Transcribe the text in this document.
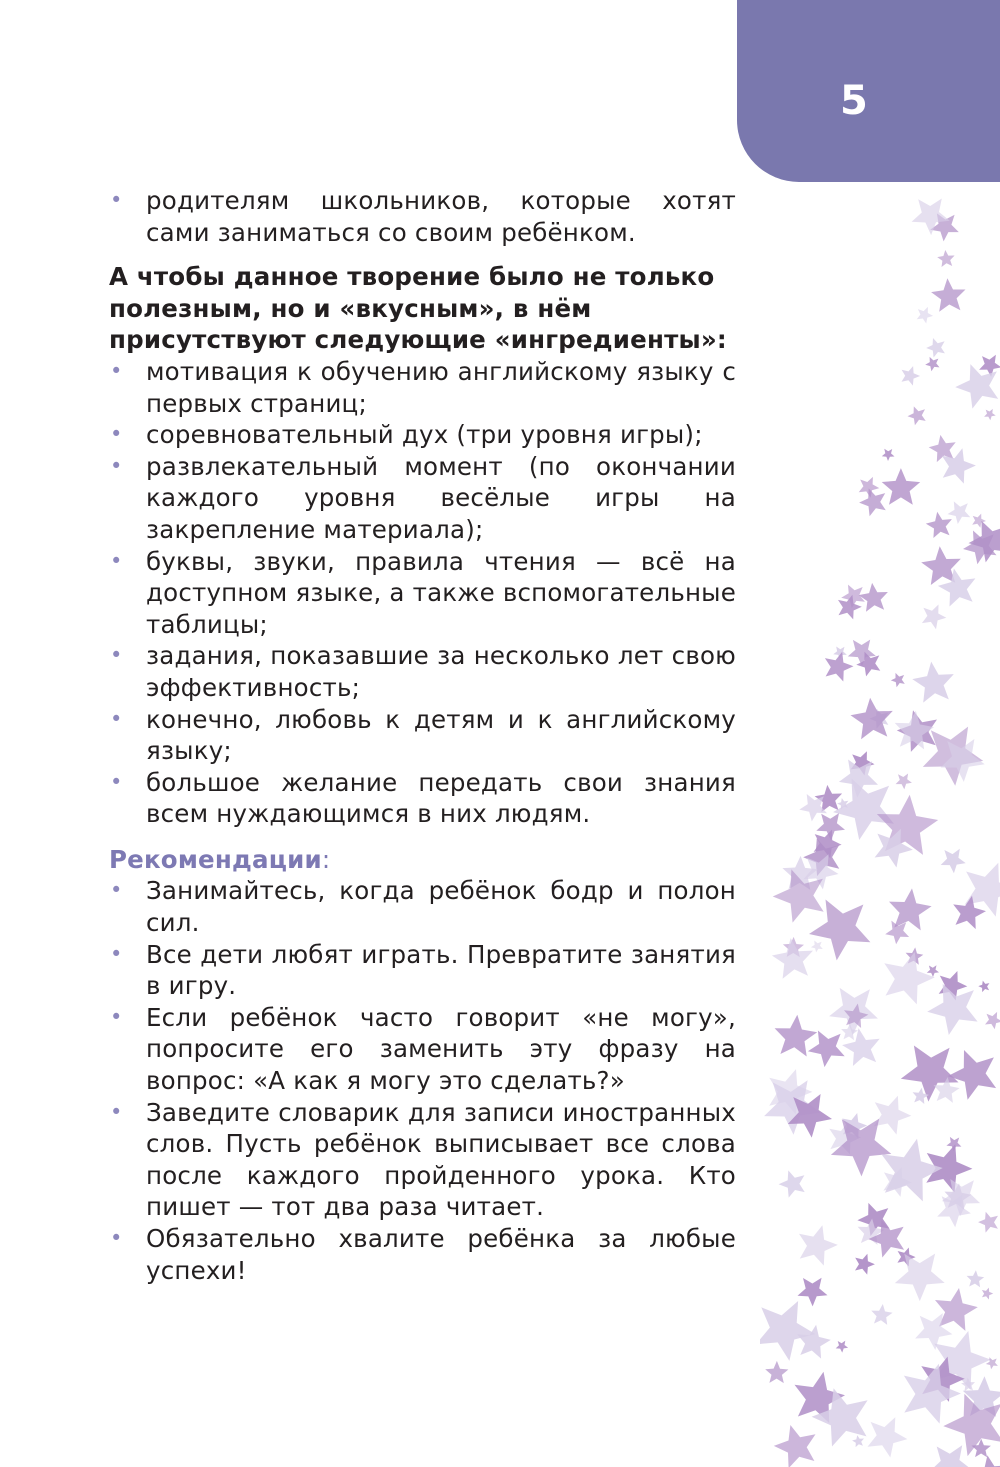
5
• родителям школьников, которые хотят сами заниматься со своим ребёнком.

А чтобы данное творение было не только полезным, но и «вкусным», в нём присутствуют следующие «ингредиенты»:

• мотивация к обучению английскому языку с первых страниц;
• соревновательный дух (три уровня игры);
• развлекательный момент (по окончании каждого уровня весёлые игры на закрепление материала);
• буквы, звуки, правила чтения — всё на доступном языке, а также вспомогательные таблицы;
• задания, показавшие за несколько лет свою эффективность;
• конечно, любовь к детям и к английскому языку;
• большое желание передать свои знания всем нуждающимся в них людям.

Рекомендации:

• Занимайтесь, когда ребёнок бодр и полон сил.
• Все дети любят играть. Превратите занятия в игру.
• Если ребёнок часто говорит «не могу», попросите его заменить эту фразу на вопрос: «А как я могу это сделать?»
• Заведите словарик для записи иностранных слов. Пусть ребёнок выписывает все слова после каждого пройденного урока. Кто пишет — тот два раза читает.
• Обязательно хвалите ребёнка за любые успехи!
